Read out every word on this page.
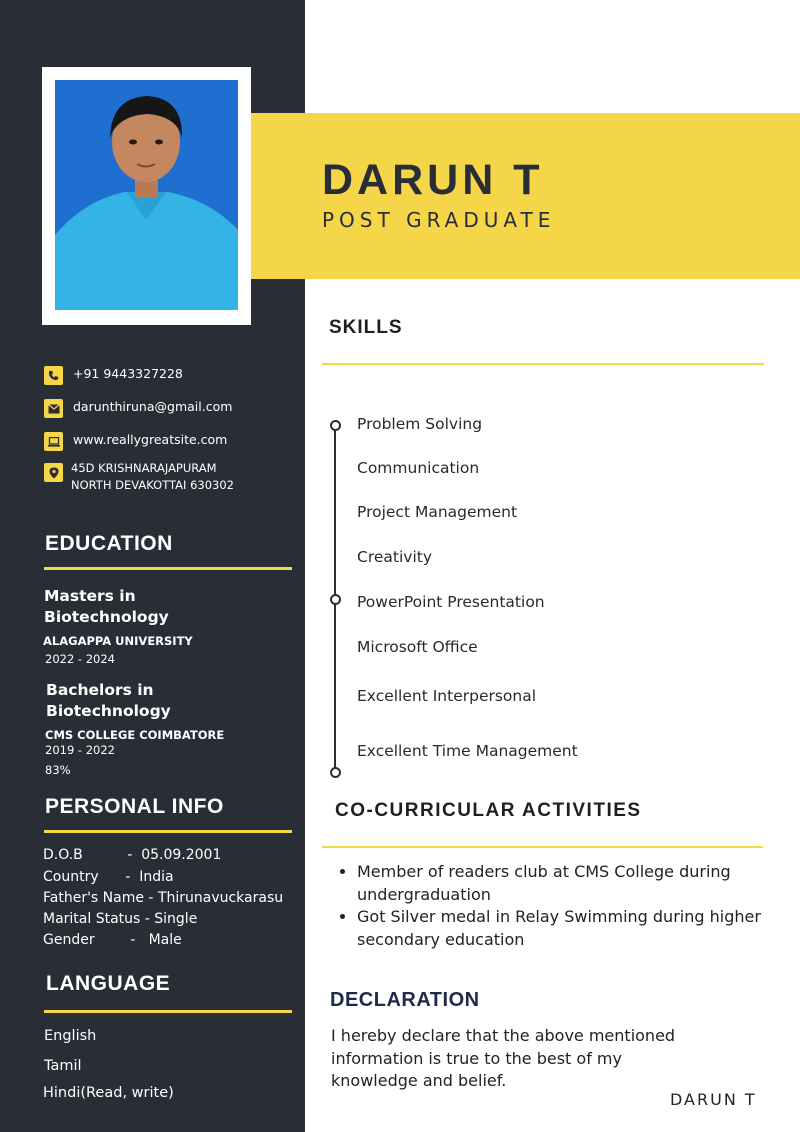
+91 9443327228
darunthiruna@gmail.com
www.reallygreatsite.com
45D KRISHNARAJAPURAM
NORTH DEVAKOTTAI 630302
EDUCATION
Masters in
Biotechnology
ALAGAPPA UNIVERSITY
2022 - 2024
Bachelors in
Biotechnology
CMS COLLEGE COIMBATORE
2019 - 2022
83%
PERSONAL INFO
D.O.B          -  05.09.2001
Country      -  India
Father's Name - Thirunavuckarasu
Marital Status - Single
Gender        -   Male
LANGUAGE
English
Tamil
Hindi(Read, write)
DARUN T
POST GRADUATE
SKILLS
Problem Solving
Communication
Project Management
Creativity
PowerPoint Presentation
Microsoft Office
Excellent Interpersonal
Excellent Time Management
CO-CURRICULAR ACTIVITIES
• Member of readers club at CMS College during undergraduation
• Got Silver medal in Relay Swimming during higher secondary education
DECLARATION
I hereby declare that the above mentioned information is true to the best of my knowledge and belief.
DARUN T
